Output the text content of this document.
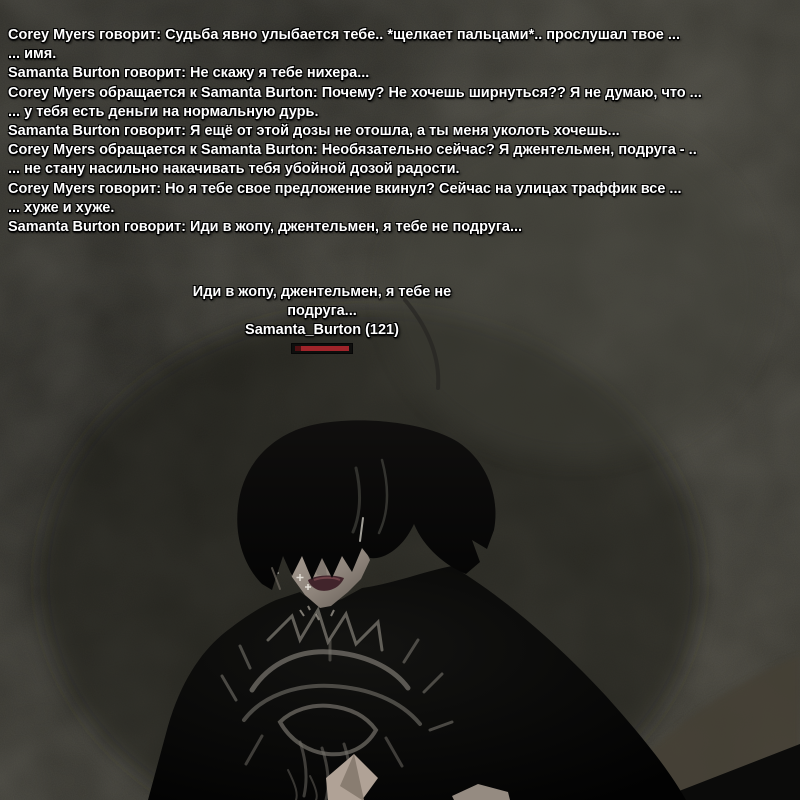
Corey Myers говорит: Судьба явно улыбается тебе.. *щелкает пальцами*.. прослушал твое ...
... имя.
Samanta Burton говорит: Не скажу я тебе нихера...
Corey Myers обращается к Samanta Burton: Почему? Не хочешь ширнуться?? Я не думаю, что ...
... у тебя есть деньги на нормальную дурь.
Samanta Burton говорит: Я ещё от этой дозы не отошла, а ты меня уколоть хочешь...
Corey Myers обращается к Samanta Burton: Необязательно сейчас? Я джентельмен, подруга - ..
... не стану насильно накачивать тебя убойной дозой радости.
Corey Myers говорит: Но я тебе свое предложение вкинул? Сейчас на улицах траффик все ...
... хуже и хуже.
Samanta Burton говорит: Иди в жопу, джентельмен, я тебе не подруга...
Иди в жопу, джентельмен, я тебе не
подруга...
Samanta_Burton (121)
